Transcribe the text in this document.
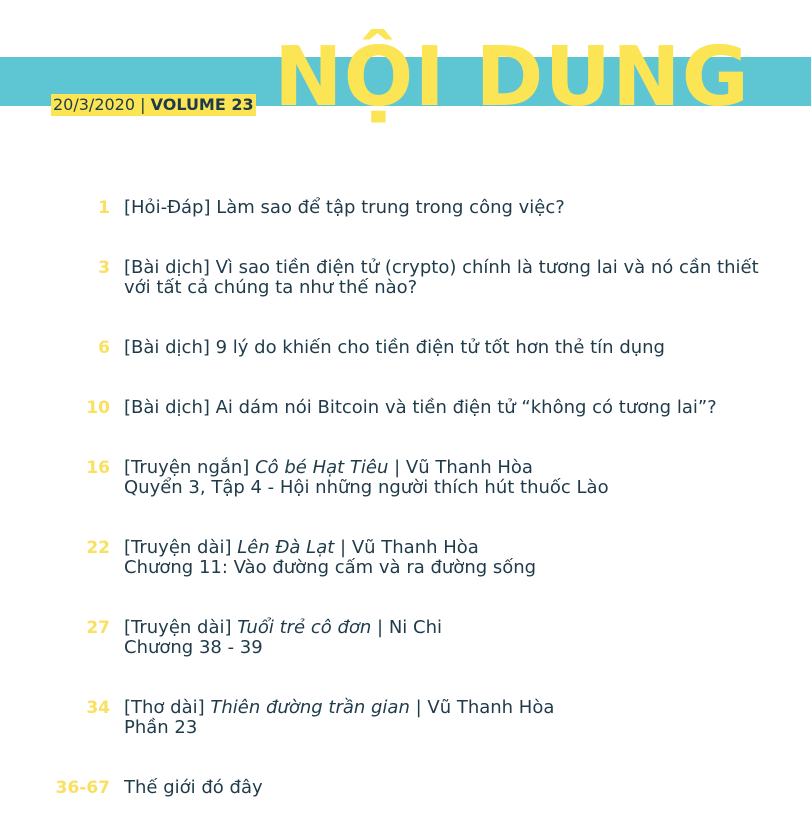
20/3/2020 | VOLUME 23 NỘI DUNG
1 [Hỏi-Đáp] Làm sao để tập trung trong công việc?
3 [Bài dịch] Vì sao tiền điện tử (crypto) chính là tương lai và nó cần thiết với tất cả chúng ta như thế nào?
6 [Bài dịch] 9 lý do khiến cho tiền điện tử tốt hơn thẻ tín dụng
10 [Bài dịch] Ai dám nói Bitcoin và tiền điện tử “không có tương lai”?
16 [Truyện ngắn] Cô bé Hạt Tiêu | Vũ Thanh Hòa
Quyển 3, Tập 4 - Hội những người thích hút thuốc Lào
22 [Truyện dài] Lên Đà Lạt | Vũ Thanh Hòa
Chương 11: Vào đường cấm và ra đường sống
27 [Truyện dài] Tuổi trẻ cô đơn | Ni Chi
Chương 38 - 39
34 [Thơ dài] Thiên đường trần gian | Vũ Thanh Hòa
Phần 23
36-67 Thế giới đó đây
